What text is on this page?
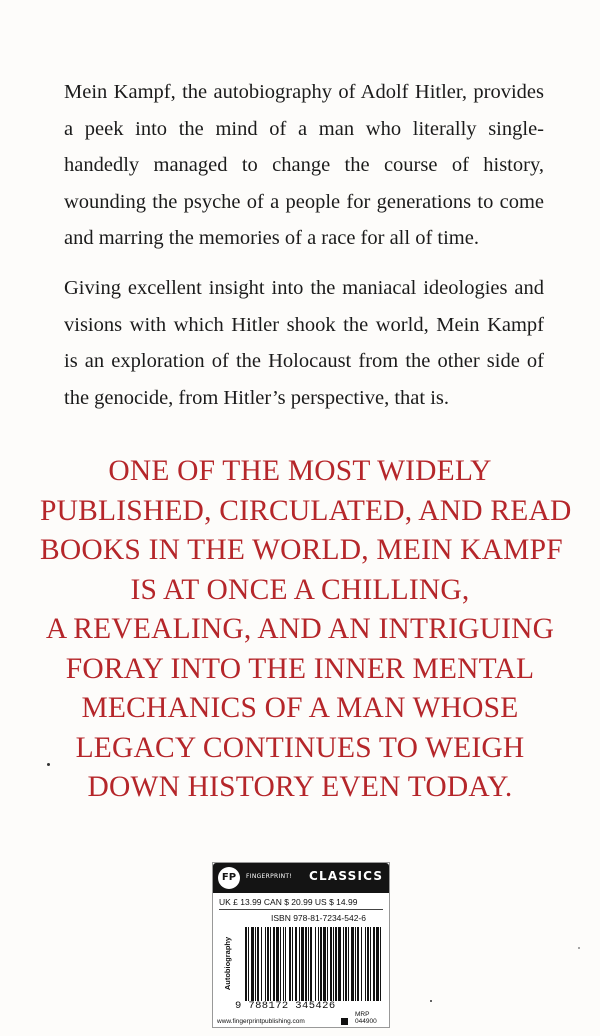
Mein Kampf, the autobiography of Adolf Hitler, provides
a peek into the mind of a man who literally single-
handedly managed to change the course of history,
wounding the psyche of a people for generations to come
and marring the memories of a race for all of time.
Giving excellent insight into the maniacal ideologies and
visions with which Hitler shook the world, Mein Kampf
is an exploration of the Holocaust from the other side of
the genocide, from Hitler’s perspective, that is.
ONE OF THE MOST WIDELY
PUBLISHED, CIRCULATED, AND READ
BOOKS IN THE WORLD, MEIN KAMPF
IS AT ONCE A CHILLING,
A REVEALING, AND AN INTRIGUING
FORAY INTO THE INNER MENTAL
MECHANICS OF A MAN WHOSE
LEGACY CONTINUES TO WEIGH
DOWN HISTORY EVEN TODAY.
FP	FINGERPRINT! CLASSICS
UK £ 13.99 CAN $ 20.99 US $ 14.99
ISBN 978-81-7234-542-6
Autobiography
9 788172 345426
MRP
www.fingerprintpublishing.com	044900
